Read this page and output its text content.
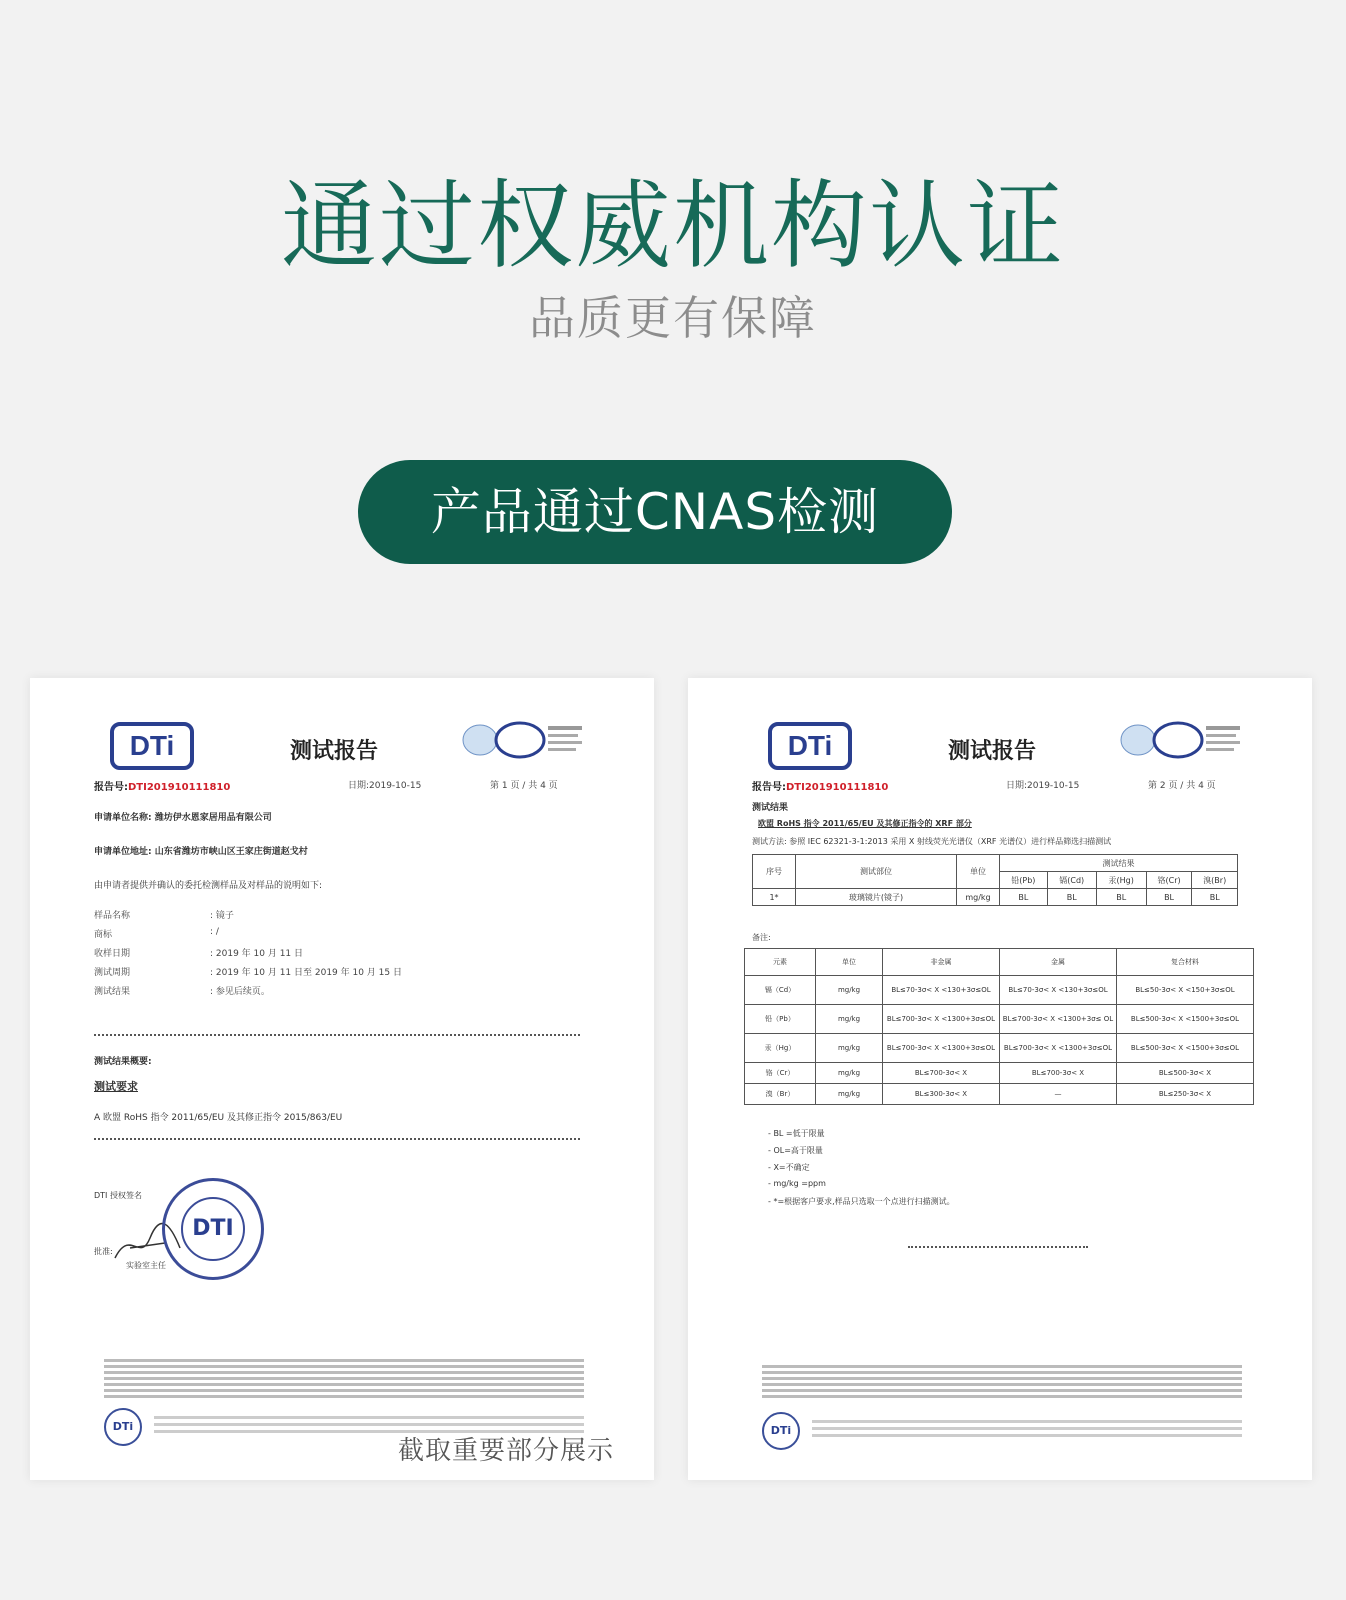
通过权威机构认证
品质更有保障
产品通过CNAS检测
DTi	测试报告
报告号:DTI201910111810	日期:2019-10-15	第 1 页 / 共 4 页
申请单位名称: 潍坊伊水恩家居用品有限公司
申请单位地址: 山东省潍坊市峡山区王家庄街道赵戈村
由申请者提供并确认的委托检测样品及对样品的说明如下:
样品名称	: 镜子
商标	: /
收样日期	: 2019 年 10 月 11 日
测试周期	: 2019 年 10 月 11 日至 2019 年 10 月 15 日
测试结果	: 参见后续页。
测试结果概要:
测试要求
A 欧盟 RoHS 指令 2011/65/EU 及其修正指令 2015/863/EU
DTI 授权签名
批准:
实验室主任
DTI
DTi
截取重要部分展示
DTi	测试报告
报告号:DTI201910111810	日期:2019-10-15	第 2 页 / 共 4 页
测试结果
欧盟 RoHS 指令 2011/65/EU 及其修正指令的 XRF 部分
测试方法: 参照 IEC 62321-3-1:2013 采用 X 射线荧光光谱仪（XRF 光谱仪）进行样品筛选扫描测试
序号	测试部位	单位	测试结果				
			铅(Pb)	镉(Cd)	汞(Hg)	铬(Cr)	溴(Br)
1*	玻璃镜片(镜子)	mg/kg	BL	BL	BL	BL	BL
备注:
元素	单位	非金属	金属	复合材料
镉（Cd）	mg/kg	BL≤70-3σ< X <130+3σ≤OL	BL≤70-3σ< X <130+3σ≤OL	BL≤50-3σ< X <150+3σ≤OL
铅（Pb）	mg/kg	BL≤700-3σ< X <1300+3σ≤OL	BL≤700-3σ< X <1300+3σ≤ OL	BL≤500-3σ< X <1500+3σ≤OL
汞（Hg）	mg/kg	BL≤700-3σ< X <1300+3σ≤OL	BL≤700-3σ< X <1300+3σ≤OL	BL≤500-3σ< X <1500+3σ≤OL
铬（Cr）	mg/kg	BL≤700-3σ< X	BL≤700-3σ< X	BL≤500-3σ< X
溴（Br）	mg/kg	BL≤300-3σ< X	—	BL≤250-3σ< X
- BL =低于限量
- OL=高于限量
- X=不确定
- mg/kg =ppm
- *=根据客户要求,样品只选取一个点进行扫描测试。
DTi
